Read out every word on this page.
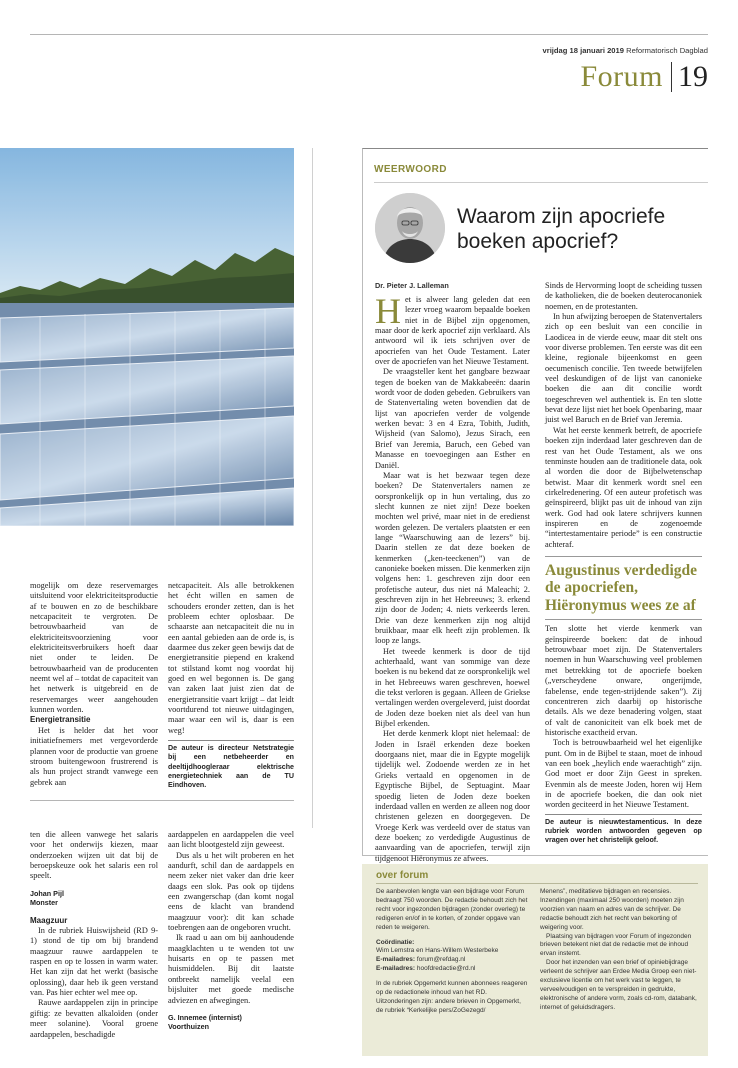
vrijdag 18 januari 2019 Reformatorisch Dagblad
Forum 19

mogelijk om deze reservemarges uitsluitend voor elektriciteitsproductie af te bouwen en zo de beschikbare netcapaciteit te vergroten. De betrouwbaarheid van de elektriciteitsvoorziening voor elektriciteitsverbruikers hoeft daar niet onder te leiden. De betrouwbaarheid van de producenten neemt wel af – totdat de capaciteit van het netwerk is uitgebreid en de reservemarges weer aangehouden kunnen worden.

Energietransitie

Het is helder dat het voor initiatiefnemers met vergevorderde plannen voor de productie van groene stroom buitengewoon frustrerend is als hun project strandt vanwege een gebrek aan

netcapaciteit. Als alle betrokkenen het écht willen en samen de schouders eronder zetten, dan is het probleem echter oplosbaar. De schaarste aan netcapaciteit die nu in een aantal gebieden aan de orde is, is daarmee dus zeker geen bewijs dat de energietransitie piepend en krakend tot stilstand komt nog voordat hij goed en wel begonnen is. De gang van zaken laat juist zien dat de energietransitie vaart krijgt – dat leidt voortdurend tot nieuwe uitdagingen, maar waar een wil is, daar is een weg!

De auteur is directeur Netstrategie bij een netbeheerder en deeltijdhoogleraar elektrische energietechniek aan de TU Eindhoven.

ten die alleen vanwege het salaris voor het onderwijs kiezen, maar onderzoeken wijzen uit dat bij de beroepskeuze ook het salaris een rol speelt.

Johan Pijl
Monster

Maagzuur

In de rubriek Huiswijsheid (RD 9-1) stond de tip om bij brandend maagzuur rauwe aardappelen te raspen en op te lossen in warm water. Het kan zijn dat het werkt (basische oplossing), daar heb ik geen verstand van. Pas hier echter wel mee op.

Rauwe aardappelen zijn in principe giftig: ze bevatten alkaloïden (onder meer solanine). Vooral groene aardappelen, beschadigde

aardappelen en aardappelen die veel aan licht blootgesteld zijn geweest.

Dus als u het wilt proberen en het aandurft, schil dan de aardappels en neem zeker niet vaker dan drie keer daags een slok. Pas ook op tijdens een zwangerschap (dan komt nogal eens de klacht van brandend maagzuur voor): dit kan schade toebrengen aan de ongeboren vrucht.

Ik raad u aan om bij aanhoudende maagklachten u te wenden tot uw huisarts en op te passen met huismiddelen. Bij dit laatste ontbreekt namelijk veelal een bijsluiter met goede medische adviezen en afwegingen.

G. Innemee (internist)
Voorthuizen
WEERWOORD
Waarom zijn apocriefe
boeken apocrief?
Dr. Pieter J. Lalleman

Het is alweer lang geleden dat een lezer vroeg waarom bepaalde boeken niet in de Bijbel zijn opgenomen, maar door de kerk apocrief zijn verklaard. Als antwoord wil ik iets schrijven over de apocriefen van het Oude Testament. Later over de apocriefen van het Nieuwe Testament.

De vraagsteller kent het gangbare bezwaar tegen de boeken van de Makkabeeën: daarin wordt voor de doden gebeden. Gebruikers van de Statenvertaling weten bovendien dat de lijst van apocriefen verder de volgende werken bevat: 3 en 4 Ezra, Tobith, Judith, Wijsheid (van Salomo), Jezus Sirach, een Brief van Jeremia, Baruch, een Gebed van Manasse en toevoegingen aan Esther en Daniël.

Maar wat is het bezwaar tegen deze boeken? De Statenvertalers namen ze oorspronkelijk op in hun vertaling, dus zo slecht kunnen ze niet zijn! Deze boeken mochten wel privé, maar niet in de eredienst worden gelezen. De vertalers plaatsten er een lange “Waarschuwing aan de lezers” bij. Daarin stellen ze dat deze boeken de kenmerken („ken-teeckenen”) van de canonieke boeken missen. Die kenmerken zijn volgens hen: 1. geschreven zijn door een profetische auteur, dus niet ná Maleachi; 2. geschreven zijn in het Hebreeuws; 3. erkend zijn door de Joden; 4. niets verkeerds leren. Drie van deze kenmerken zijn nog altijd bruikbaar, maar elk heeft zijn problemen. Ik loop ze langs.

Het tweede kenmerk is door de tijd achterhaald, want van sommige van deze boeken is nu bekend dat ze oorspronkelijk wel in het Hebreeuws waren geschreven, hoewel die tekst verloren is gegaan. Alleen de Griekse vertalingen werden overgeleverd, juist doordat de Joden deze boeken niet als deel van hun Bijbel erkenden.

Het derde kenmerk klopt niet helemaal: de Joden in Israël erkenden deze boeken doorgaans niet, maar die in Egypte mogelijk tijdelijk wel. Zodoende werden ze in het Grieks vertaald en opgenomen in de Egyptische Bijbel, de Septuagint. Maar spoedig lieten de Joden deze boeken inderdaad vallen en werden ze alleen nog door christenen gelezen en doorgegeven. De Vroege Kerk was verdeeld over de status van deze boeken; zo verdedigde Augustinus de aanvaarding van de apocriefen, terwijl zijn tijdgenoot Hiëronymus ze afwees.

Sinds de Hervorming loopt de scheiding tussen de katholieken, die de boeken deuterocanoniek noemen, en de protestanten.

In hun afwijzing beroepen de Statenvertalers zich op een besluit van een concilie in Laodicea in de vierde eeuw, maar dit stelt ons voor diverse problemen. Ten eerste was dit een kleine, regionale bijeenkomst en geen oecumenisch concilie. Ten tweede betwijfelen veel deskundigen of de lijst van canonieke boeken die aan dit concilie wordt toegeschreven wel authentiek is. En ten slotte bevat deze lijst niet het boek Openbaring, maar juist wel Baruch en de Brief van Jeremia.

Wat het eerste kenmerk betreft, de apocriefe boeken zijn inderdaad later geschreven dan de rest van het Oude Testament, als we ons tenminste houden aan de traditionele data, ook al worden die door de Bijbelwetenschap betwist. Maar dit kenmerk wordt snel een cirkelredenering. Of een auteur profetisch was geïnspireerd, blijkt pas uit de inhoud van zijn werk. God had ook latere schrijvers kunnen inspireren en de zogenoemde “intertestamentaire periode” is een constructie achteraf.

Augustinus verdedigde de apocriefen, Hiëronymus wees ze af

Ten slotte het vierde kenmerk van geïnspireerde boeken: dat de inhoud betrouwbaar moet zijn. De Statenvertalers noemen in hun Waarschuwing veel problemen met betrekking tot de apocriefe boeken („verscheydene onware, ongerijmde, fabelense, ende tegen-strijdende saken”). Zij concentreren zich daarbij op historische details. Als we deze benadering volgen, staat of valt de canoniciteit van elk boek met de historische exactheid ervan.

Toch is betrouwbaarheid wel het eigenlijke punt. Om in de Bijbel te staan, moet de inhoud van een boek „heylich ende waerachtigh” zijn. God moet er door Zijn Geest in spreken. Evenmin als de meeste Joden, horen wij Hem in de apocriefe boeken, die dan ook niet worden geciteerd in het Nieuwe Testament.

De auteur is nieuwtestamenticus. In deze rubriek worden antwoorden gegeven op vragen over het christelijk geloof.
over forum

De aanbevolen lengte van een bijdrage voor Forum bedraagt 750 woorden. De redactie behoudt zich het recht voor ingezonden bijdragen (zonder overleg) te redigeren en/of in te korten, of zonder opgave van reden te weigeren.

Coördinatie:

Wim Lemstra en Hans-Willem Westerbeke

E-mailadres: forum@refdag.nl

E-mailadres: hoofdredactie@rd.nl

In de rubriek Opgemerkt kunnen abonnees reageren op de redactionele inhoud van het RD. Uitzonderingen zijn: andere brieven in Opgemerkt, de rubriek “Kerkelijke pers/ZoGezegd/

Menens”, meditatieve bijdragen en recensies. Inzendingen (maximaal 250 woorden) moeten zijn voorzien van naam en adres van de schrijver. De redactie behoudt zich het recht van bekorting of weigering voor.

Plaatsing van bijdragen voor Forum of ingezonden brieven betekent niet dat de redactie met de inhoud ervan instemt.

Door het inzenden van een brief of opiniebijdrage verleent de schrijver aan Erdee Media Groep een niet-exclusieve licentie om het werk vast te leggen, te verveelvoudigen en te verspreiden in gedrukte, elektronische of andere vorm, zoals cd-rom, databank, internet of geluidsdragers.
